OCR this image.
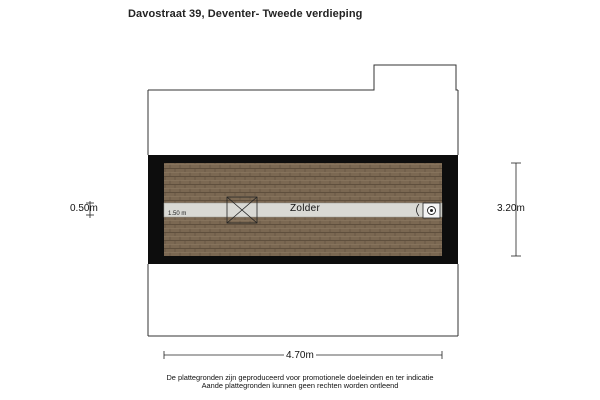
Davostraat 39, Deventer- Tweede verdieping
0.50m	3.20m
4.70m
Zolder
1.50 m
De plattegronden zijn geproduceerd voor promotionele doeleinden en ter indicatie
Aande plattegronden kunnen geen rechten worden ontleend
